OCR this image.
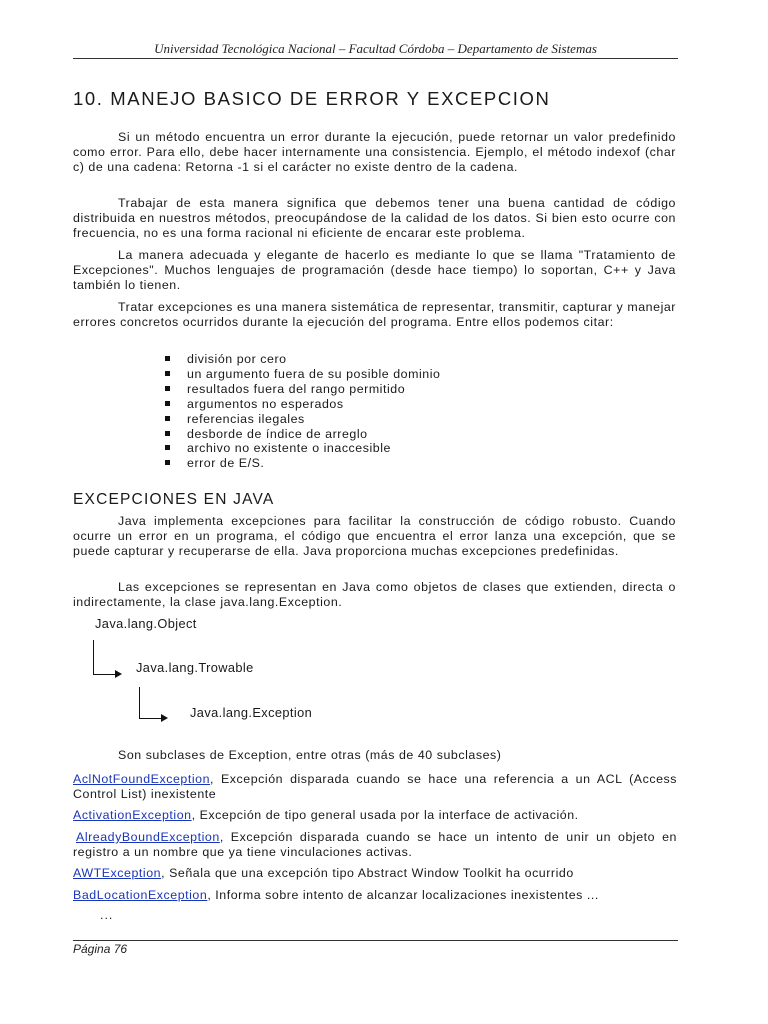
Universidad Tecnológica Nacional – Facultad Córdoba – Departamento de Sistemas
10. MANEJO BASICO DE ERROR Y EXCEPCION

Si un método encuentra un error durante la ejecución, puede retornar un valor predefinido como error. Para ello, debe hacer internamente una consistencia. Ejemplo, el método indexof (char c) de una cadena: Retorna -1 si el carácter no existe dentro de la cadena.

Trabajar de esta manera significa que debemos tener una buena cantidad de código distribuida en nuestros métodos, preocupándose de la calidad de los datos. Si bien esto ocurre con frecuencia, no es una forma racional ni eficiente de encarar este problema.

La manera adecuada y elegante de hacerlo es mediante lo que se llama "Tratamiento de Excepciones". Muchos lenguajes de programación (desde hace tiempo) lo soportan, C++ y Java también lo tienen.

Tratar excepciones es una manera sistemática de representar, transmitir, capturar y manejar errores concretos ocurridos durante la ejecución del programa. Entre ellos podemos citar:

división por cero
un argumento fuera de su posible dominio
resultados fuera del rango permitido
argumentos no esperados
referencias ilegales
desborde de índice de arreglo
archivo no existente o inaccesible
error de E/S.
EXCEPCIONES EN JAVA

Java implementa excepciones para facilitar la construcción de código robusto. Cuando ocurre un error en un programa, el código que encuentra el error lanza una excepción, que se puede capturar y recuperarse de ella. Java proporciona muchas excepciones predefinidas.

Las excepciones se representan en Java como objetos de clases que extienden, directa o indirectamente, la clase java.lang.Exception.

Java.lang.Object
Java.lang.Trowable
Java.lang.Exception
Son subclases de Exception, entre otras (más de 40 subclases)

AclNotFoundException, Excepción disparada cuando se hace una referencia a un ACL (Access Control List) inexistente

ActivationException, Excepción de tipo general usada por la interface de activación.

AlreadyBoundException, Excepción disparada cuando se hace un intento de unir un objeto en registro a un nombre que ya tiene vinculaciones activas.

AWTException, Señala que una excepción tipo Abstract Window Toolkit ha ocurrido

BadLocationException, Informa sobre intento de alcanzar localizaciones inexistentes ...

...
Página 76
